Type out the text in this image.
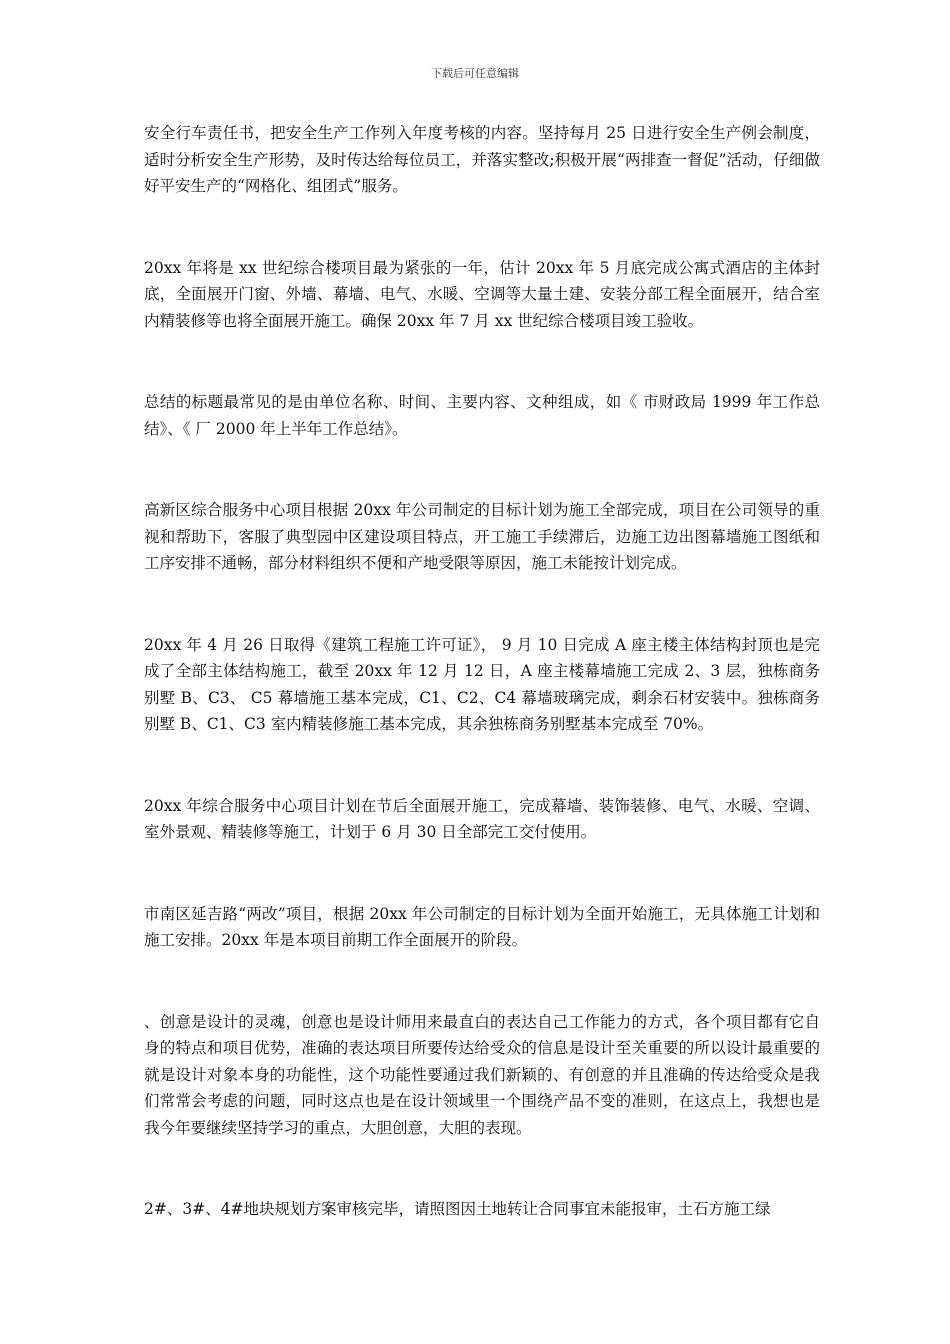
下载后可任意编辑

安全行车责任书，把安全生产工作列入年度考核的内容。坚持每月 25 日进行安全生产例会制度，适时分析安全生产形势，及时传达给每位员工，并落实整改;积极开展“两排查一督促”活动，仔细做好平安生产的“网格化、组团式”服务。

20xx 年将是 xx 世纪综合楼项目最为紧张的一年，估计 20xx 年 5 月底完成公寓式酒店的主体封底，全面展开门窗、外墙、幕墙、电气、水暖、空调等大量土建、安装分部工程全面展开，结合室内精装修等也将全面展开施工。确保 20xx 年 7 月 xx 世纪综合楼项目竣工验收。

总结的标题最常见的是由单位名称、时间、主要内容、文种组成，如《 市财政局 1999 年工作总结》、《 厂 2000 年上半年工作总结》。

高新区综合服务中心项目根据 20xx 年公司制定的目标计划为施工全部完成，项目在公司领导的重视和帮助下，客服了典型园中区建设项目特点，开工施工手续滞后，边施工边出图幕墙施工图纸和工序安排不通畅，部分材料组织不便和产地受限等原因，施工未能按计划完成。

20xx 年 4 月 26 日取得《建筑工程施工许可证》， 9 月 10 日完成 A 座主楼主体结构封顶也是完成了全部主体结构施工，截至 20xx 年 12 月 12 日，A 座主楼幕墙施工完成 2、3 层，独栋商务别墅 B、C3、 C5 幕墙施工基本完成，C1、C2、C4 幕墙玻璃完成，剩余石材安装中。独栋商务别墅 B、C1、C3 室内精装修施工基本完成，其余独栋商务别墅基本完成至 70%。

20xx 年综合服务中心项目计划在节后全面展开施工，完成幕墙、装饰装修、电气、水暖、空调、室外景观、精装修等施工，计划于 6 月 30 日全部完工交付使用。

市南区延吉路“两改”项目，根据 20xx 年公司制定的目标计划为全面开始施工，无具体施工计划和施工安排。20xx 年是本项目前期工作全面展开的阶段。

、创意是设计的灵魂，创意也是设计师用来最直白的表达自己工作能力的方式，各个项目都有它自身的特点和项目优势，准确的表达项目所要传达给受众的信息是设计至关重要的所以设计最重要的就是设计对象本身的功能性，这个功能性要通过我们新颖的、有创意的并且准确的传达给受众是我们常常会考虑的问题，同时这点也是在设计领域里一个围绕产品不变的准则，在这点上，我想也是我今年要继续坚持学习的重点，大胆创意，大胆的表现。

2#、3#、4#地块规划方案审核完毕，请照图因土地转让合同事宜未能报审，土石方施工绿
